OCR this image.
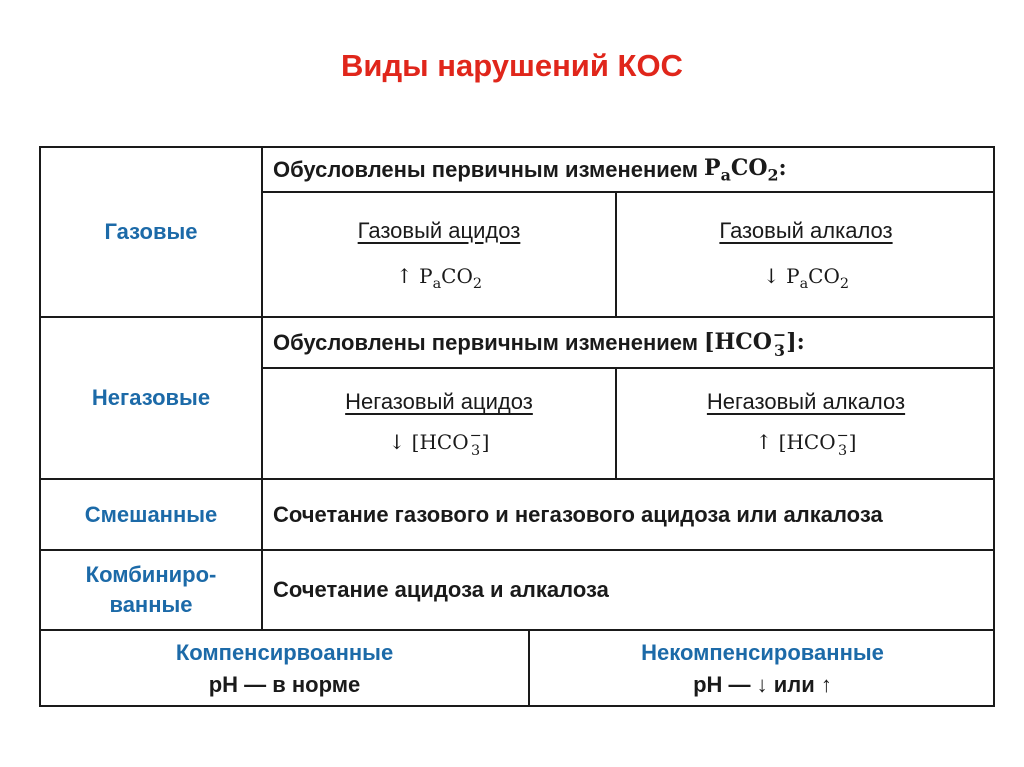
Виды нарушений КОС
Газовые
Обусловлены первичным изменением $P_aCO_2$:
Газовый ацидоз
↑ $P_aCO_2$
Газовый алкалоз
↓ $P_aCO_2$
Негазовые
Обусловлены первичным изменением [HCO −
3 ]:
Негазовый ацидоз
↓ [HCO −
3 ]
Негазовый алкалоз
↑ [HCO −
3 ]
Смешанные	Сочетание газового и негазового ацидоза или алкалоза
Комбиниро-
ванные
Сочетание ацидоза и алкалоза
Компенсирвоанные
pH — в норме
Некомпенсированные
pH — ↓ или ↑
